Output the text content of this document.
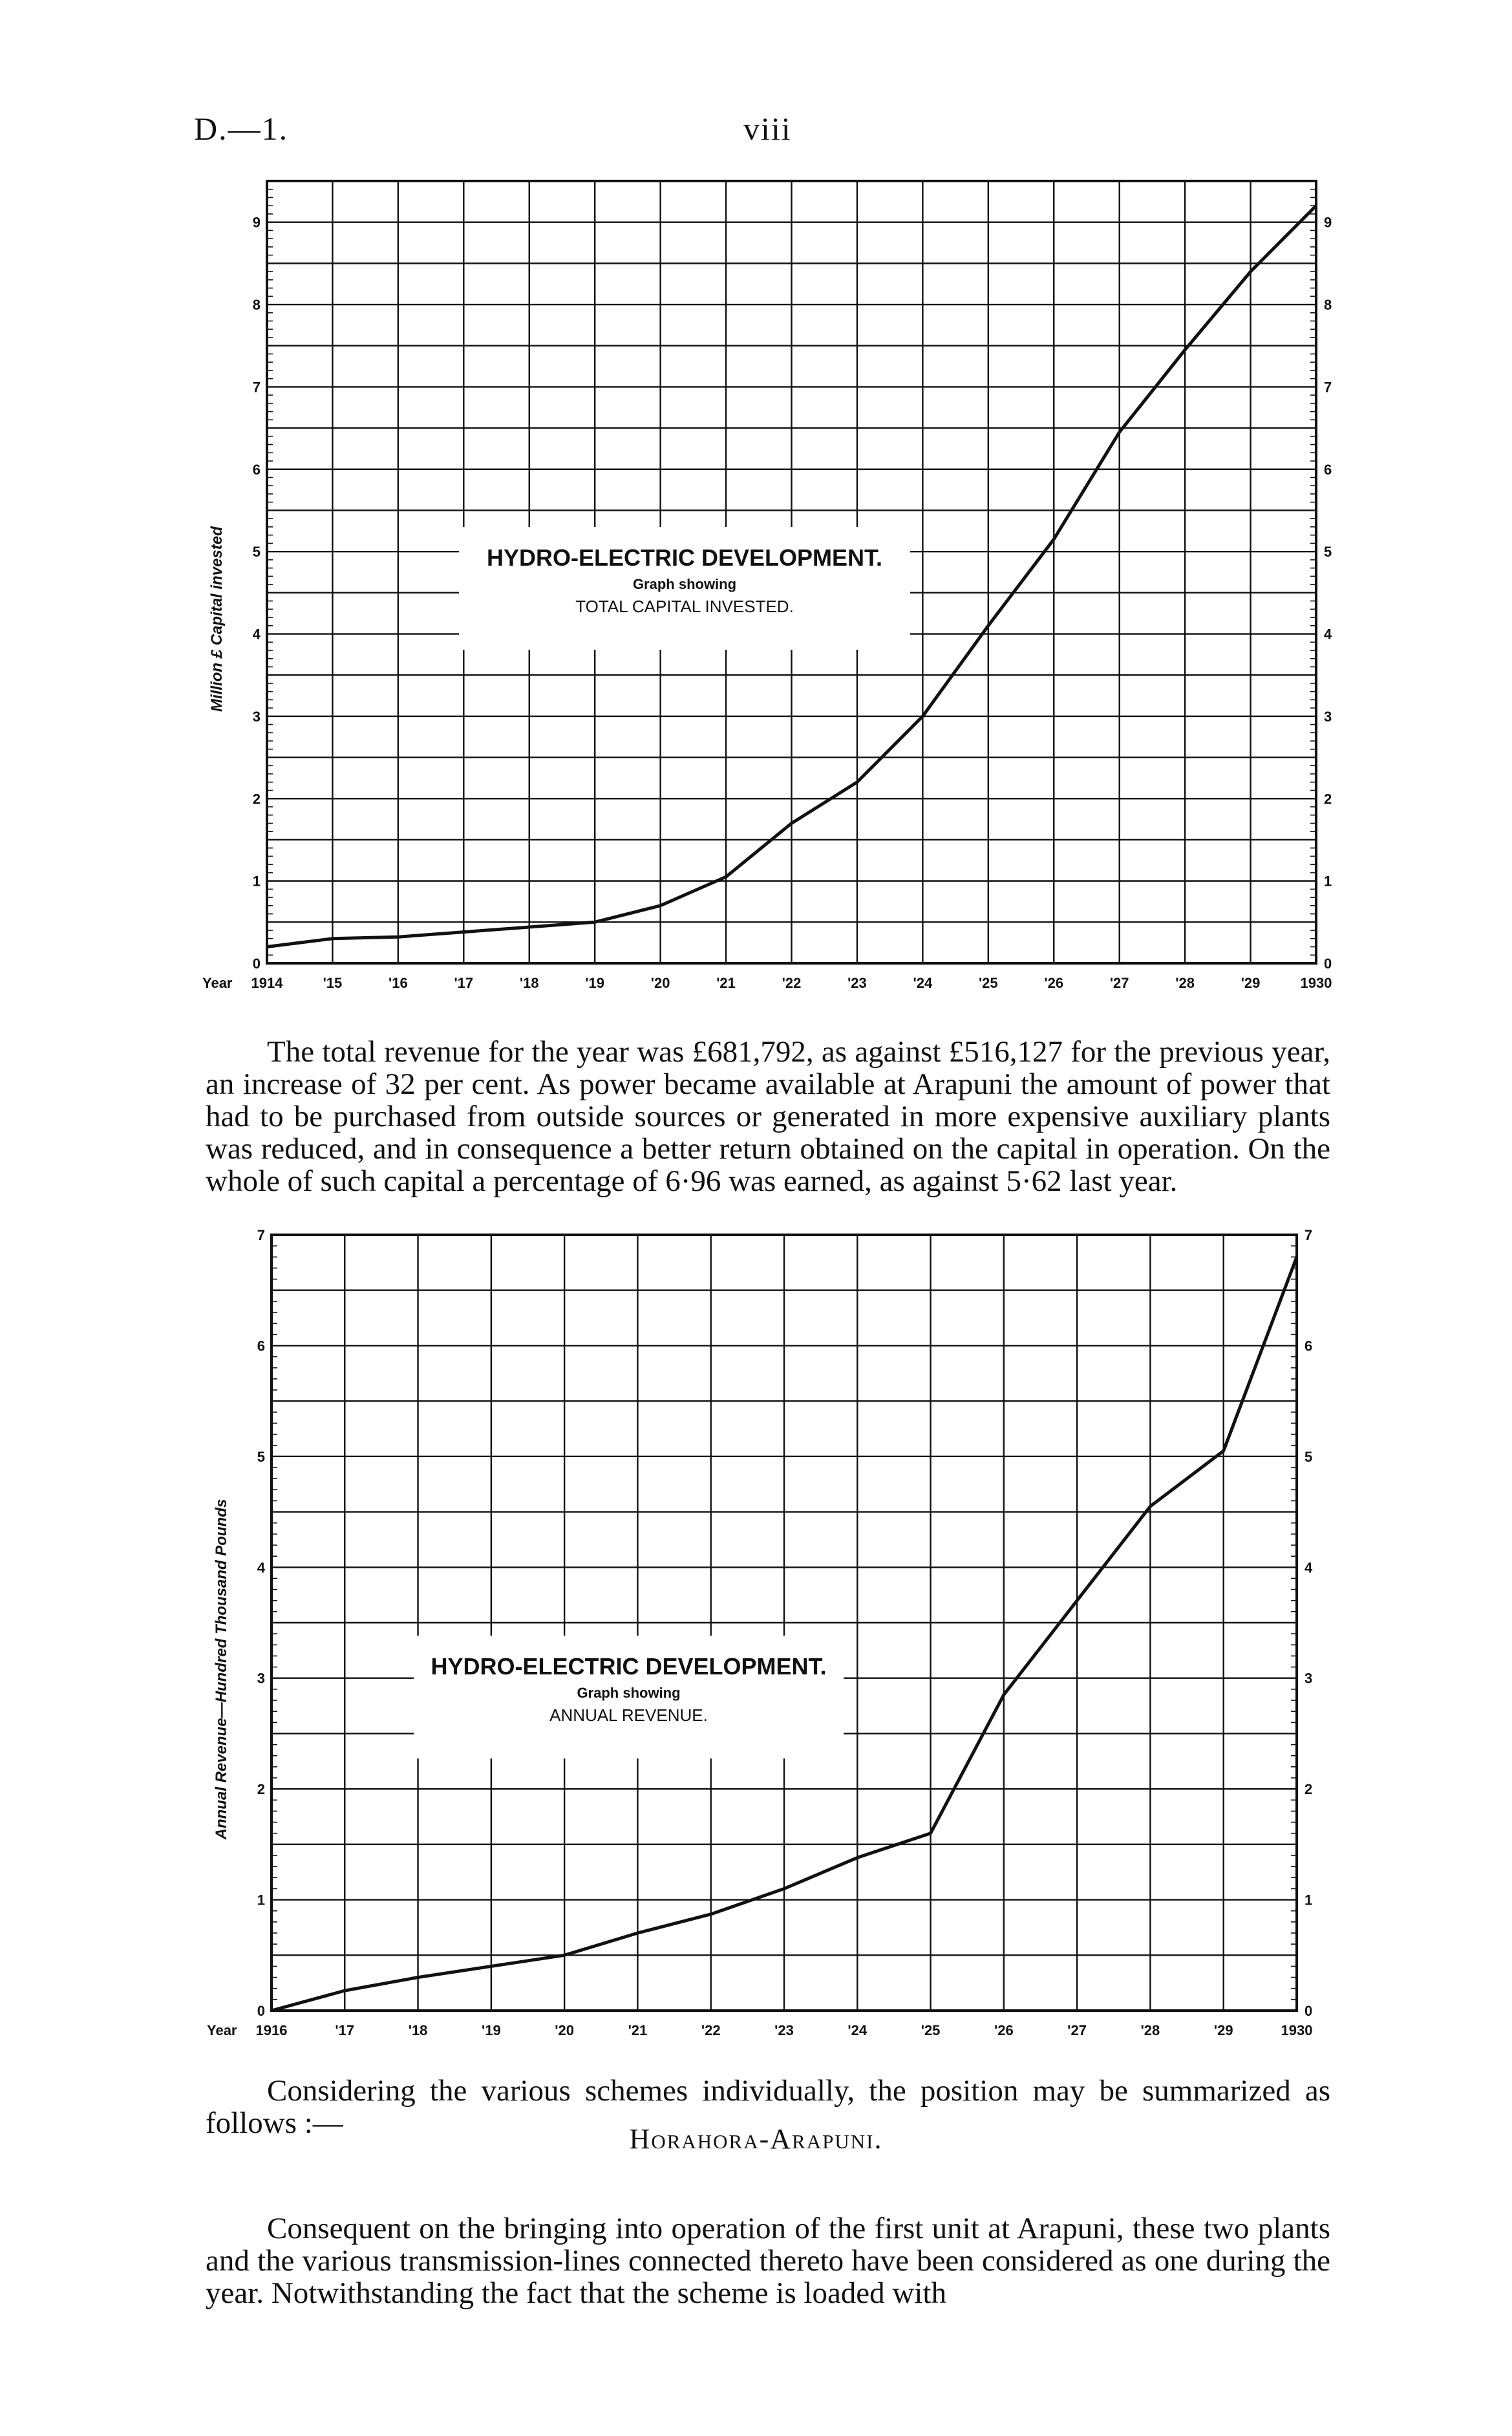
D.—1.	viii
HYDRO-ELECTRIC DEVELOPMENT.
Graph showing
TOTAL CAPITAL INVESTED.
0	0
1	1
2	2
3	3
4	4
5	5
6	6
7	7
8	8
9	9
Year 1914	'15	'16	'17	'18	'19	'20	'21	'22	'23	'24	'25	'26	'27	'28	'29	1930
Million £ Capital invested

The total revenue for the year was £681,792, as against £516,127 for the previous year, an increase of 32 per cent. As power became available at Arapuni the amount of power that had to be purchased from outside sources or generated in more expensive auxiliary plants was reduced, and in consequence a better return obtained on the capital in operation. On the whole of such capital a percentage of 6·96 was earned, as against 5·62 last year.

HYDRO-ELECTRIC DEVELOPMENT.
Graph showing
ANNUAL REVENUE.
0	0
1	1
2	2
3	3
4	4
5	5
6	6
7	7
Year 1916	'17	'18	'19	'20	'21	'22	'23	'24	'25	'26	'27	'28	'29	1930
Annual Revenue—Hundred Thousand Pounds

Considering the various schemes individually, the position may be summarized as follows :—	Horahora-Arapuni.

Consequent on the bringing into operation of the first unit at Arapuni, these two plants and the various transmission-lines connected thereto have been considered as one during the year. Notwithstanding the fact that the scheme is loaded with
